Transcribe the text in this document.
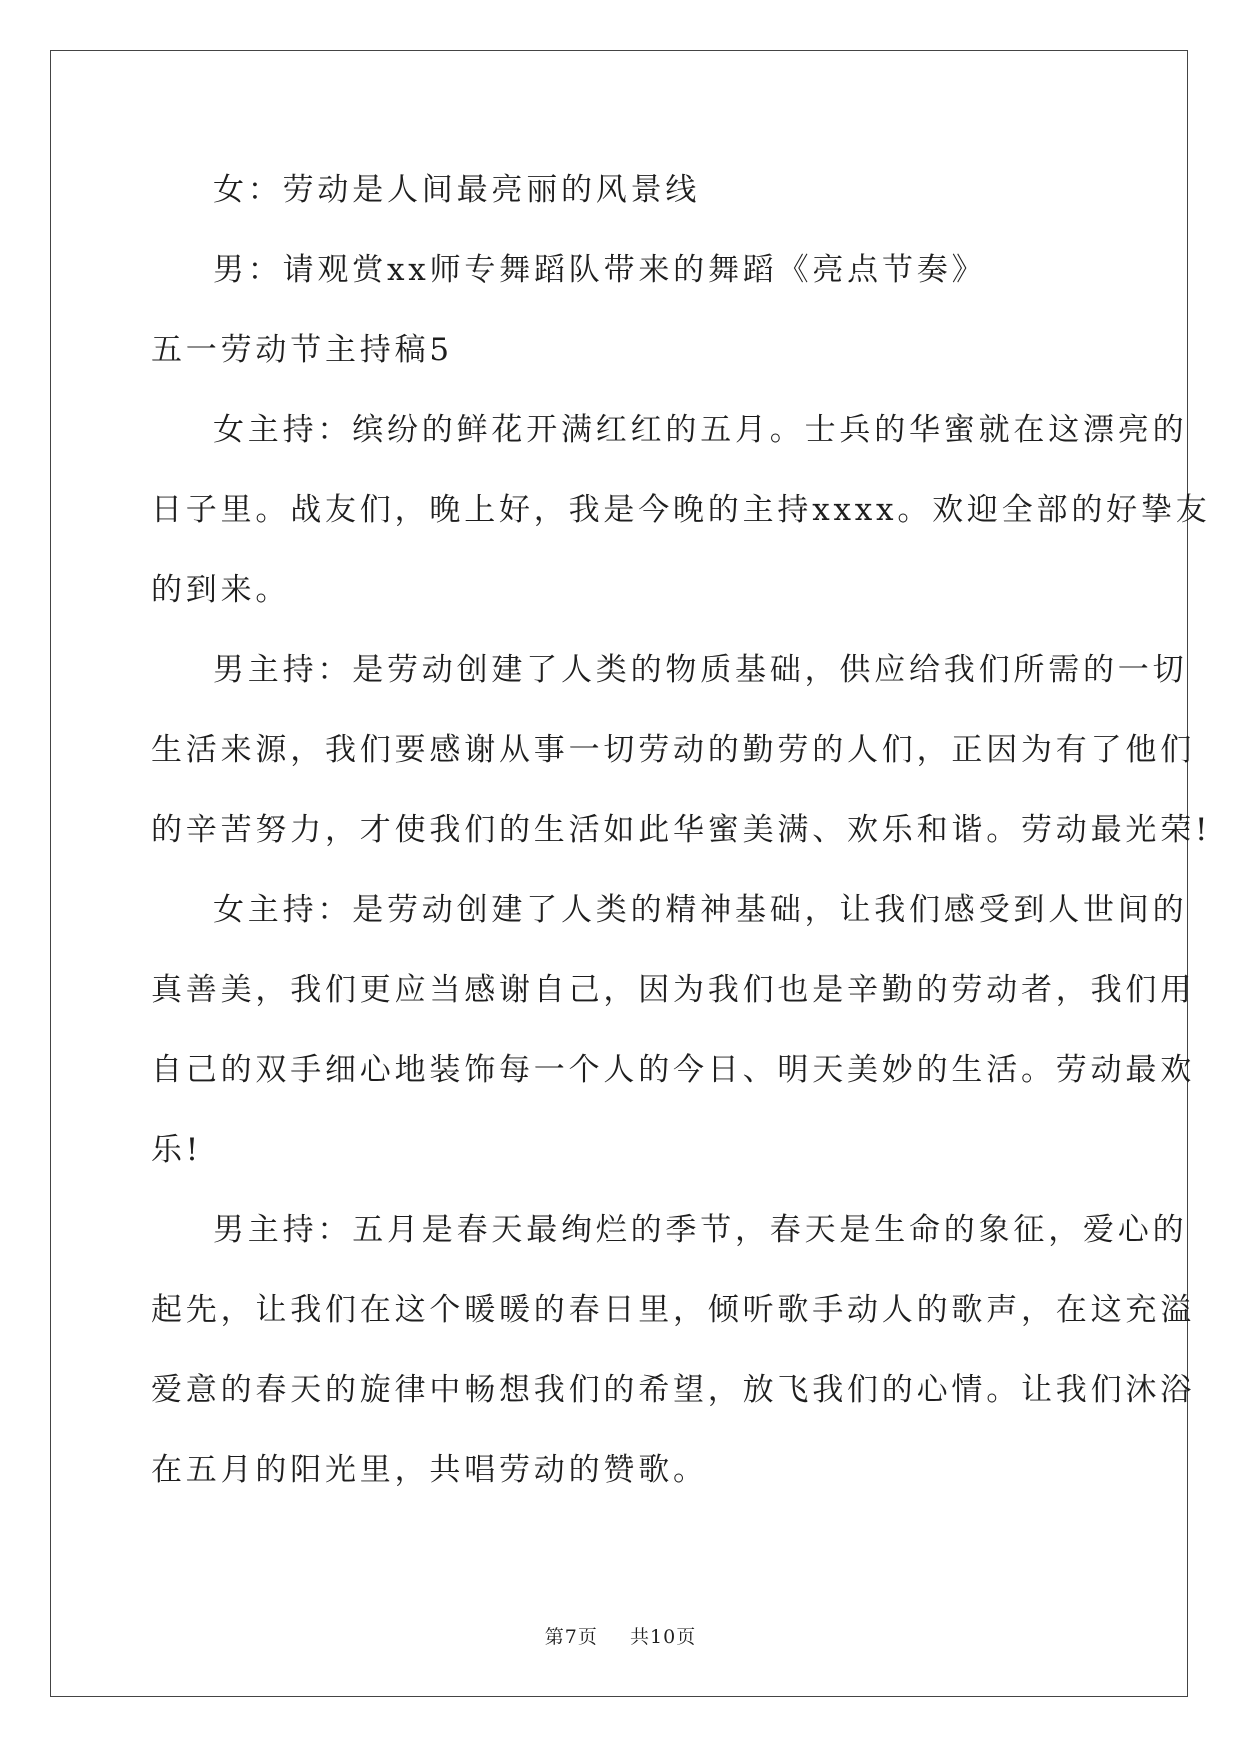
女：劳动是人间最亮丽的风景线
男：请观赏xx师专舞蹈队带来的舞蹈《亮点节奏》
五一劳动节主持稿5
女主持：缤纷的鲜花开满红红的五月。士兵的华蜜就在这漂亮的
日子里。战友们，晚上好，我是今晚的主持xxxx。欢迎全部的好挚友
的到来。
男主持：是劳动创建了人类的物质基础，供应给我们所需的一切
生活来源，我们要感谢从事一切劳动的勤劳的人们，正因为有了他们
的辛苦努力，才使我们的生活如此华蜜美满、欢乐和谐。劳动最光荣!
女主持：是劳动创建了人类的精神基础，让我们感受到人世间的
真善美，我们更应当感谢自己，因为我们也是辛勤的劳动者，我们用
自己的双手细心地装饰每一个人的今日、明天美妙的生活。劳动最欢
乐!
男主持：五月是春天最绚烂的季节，春天是生命的象征，爱心的
起先，让我们在这个暖暖的春日里，倾听歌手动人的歌声，在这充溢
爱意的春天的旋律中畅想我们的希望，放飞我们的心情。让我们沐浴
在五月的阳光里，共唱劳动的赞歌。
第7页 共10页
